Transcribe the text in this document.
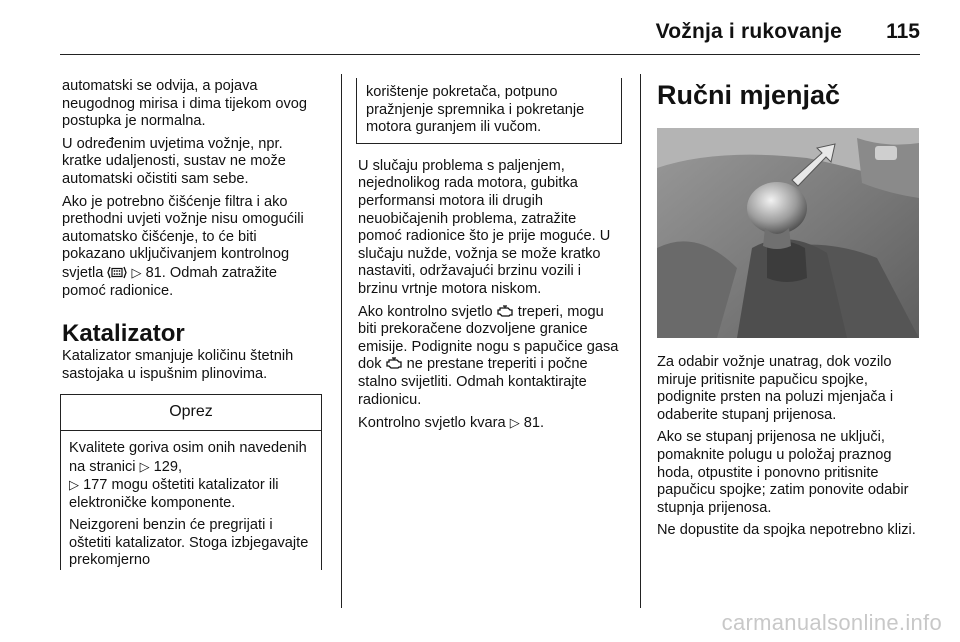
Vožnja i rukovanje 115

automatski se odvija, a pojava neugodnog mirisa i dima tijekom ovog postupka je normalna.

U određenim uvjetima vožnje, npr. kratke udaljenosti, sustav ne može automatski očistiti sam sebe.

Ako je potrebno čišćenje filtra i ako prethodni uvjeti vožnje nisu omogućili automatsko čišćenje, to će biti pokazano uključivanjem kontrolnog svjetla ▷ 81. Odmah zatražite pomoć radionice.

Katalizator

Katalizator smanjuje količinu štetnih sastojaka u ispušnim plinovima.

Oprez

Kvalitete goriva osim onih navedenih na stranici ▷ 129,
▷ 177 mogu oštetiti katalizator ili elektroničke komponente.

Neizgoreni benzin će pregrijati i oštetiti katalizator. Stoga izbjegavajte prekomjerno

korištenje pokretača, potpuno pražnjenje spremnika i pokretanje motora guranjem ili vučom.

U slučaju problema s paljenjem, nejednolikog rada motora, gubitka performansi motora ili drugih neuobičajenih problema, zatražite pomoć radionice što je prije moguće. U slučaju nužde, vožnja se može kratko nastaviti, održavajući brzinu vozili i brzinu vrtnje motora niskom.

Ako kontrolno svjetlo treperi, mogu biti prekoračene dozvoljene granice emisije. Podignite nogu s papučice gasa dok ne prestane treperiti i počne stalno svijetliti. Odmah kontaktirajte radionicu.

Kontrolno svjetlo kvara ▷ 81.

Ručni mjenjač

Za odabir vožnje unatrag, dok vozilo miruje pritisnite papučicu spojke, podignite prsten na poluzi mjenjača i odaberite stupanj prijenosa.

Ako se stupanj prijenosa ne uključi, pomaknite polugu u položaj praznog hoda, otpustite i ponovno pritisnite papučicu spojke; zatim ponovite odabir stupnja prijenosa.

Ne dopustite da spojka nepotrebno klizi.

carmanualsonline.info
